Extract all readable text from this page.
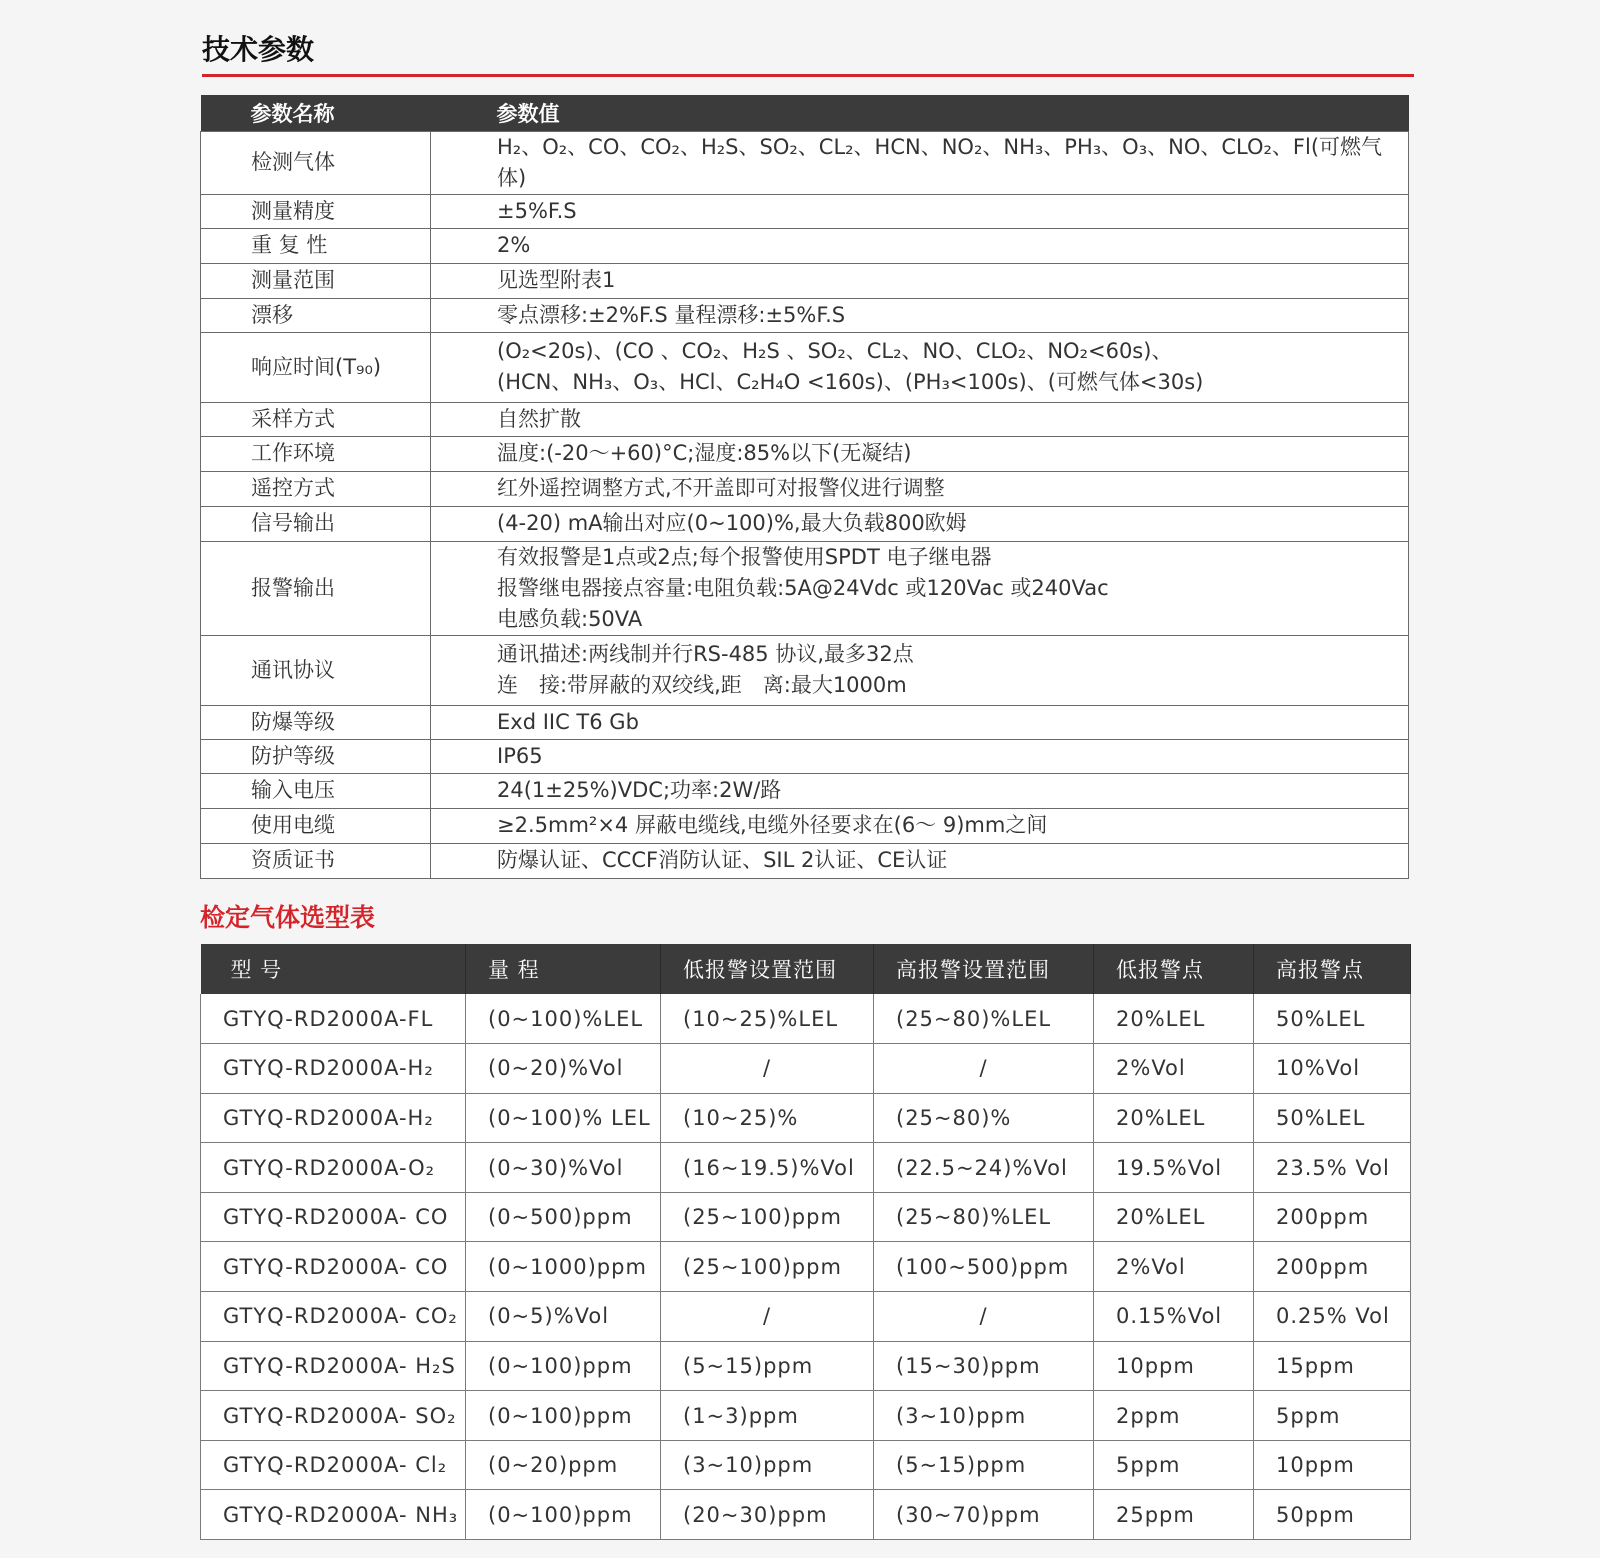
技术参数
参数名称	参数值
检测气体	H₂、O₂、CO、CO₂、H₂S、SO₂、CL₂、HCN、NO₂、NH₃、PH₃、O₃、NO、CLO₂、Fl(可燃气体)

测量精度	±5%F.S

重 复 性	2%

测量范围	见选型附表1

漂移	零点漂移:±2%F.S 量程漂移:±5%F.S

响应时间(T₉₀)	(O₂<20s)、(CO 、CO₂、H₂S 、SO₂、CL₂、NO、CLO₂、NO₂<60s)、
(HCN、NH₃、O₃、HCl、C₂H₄O <160s)、(PH₃<100s)、(可燃气体<30s)

采样方式	自然扩散

工作环境	温度:(-20～+60)°C;湿度:85%以下(无凝结)

遥控方式	红外遥控调整方式,不开盖即可对报警仪进行调整

信号输出	(4-20) mA输出对应(0~100)%,最大负载800欧姆

报警输出	有效报警是1点或2点;每个报警使用SPDT 电子继电器
报警继电器接点容量:电阻负载:5A@24Vdc 或120Vac 或240Vac
电感负载:50VA

通讯协议	通讯描述:两线制并行RS-485 协议,最多32点
连　接:带屏蔽的双绞线,距　离:最大1000m

防爆等级	Exd IIC T6 Gb

防护等级	IP65

输入电压	24(1±25%)VDC;功率:2W/路

使用电缆	≥2.5mm²×4 屏蔽电缆线,电缆外径要求在(6～ 9)mm之间

资质证书	防爆认证、CCCF消防认证、SIL 2认证、CE认证
检定气体选型表
型 号	量 程	低报警设置范围	高报警设置范围	低报警点	高报警点
GTYQ-RD2000A-FL	(0~100)%LEL	(10~25)%LEL	(25~80)%LEL	20%LEL	50%LEL
GTYQ-RD2000A-H₂	(0~20)%Vol	/	/	2%Vol	10%Vol
GTYQ-RD2000A-H₂	(0~100)% LEL	(10~25)%	(25~80)%	20%LEL	50%LEL
GTYQ-RD2000A-O₂	(0~30)%Vol	(16~19.5)%Vol	(22.5~24)%Vol	19.5%Vol	23.5% Vol
GTYQ-RD2000A- CO	(0~500)ppm	(25~100)ppm	(25~80)%LEL	20%LEL	200ppm
GTYQ-RD2000A- CO	(0~1000)ppm	(25~100)ppm	(100~500)ppm	2%Vol	200ppm
GTYQ-RD2000A- CO₂	(0~5)%Vol	/	/	0.15%Vol	0.25% Vol
GTYQ-RD2000A- H₂S	(0~100)ppm	(5~15)ppm	(15~30)ppm	10ppm	15ppm
GTYQ-RD2000A- SO₂	(0~100)ppm	(1~3)ppm	(3~10)ppm	2ppm	5ppm
GTYQ-RD2000A- Cl₂	(0~20)ppm	(3~10)ppm	(5~15)ppm	5ppm	10ppm
GTYQ-RD2000A- NH₃	(0~100)ppm	(20~30)ppm	(30~70)ppm	25ppm	50ppm
